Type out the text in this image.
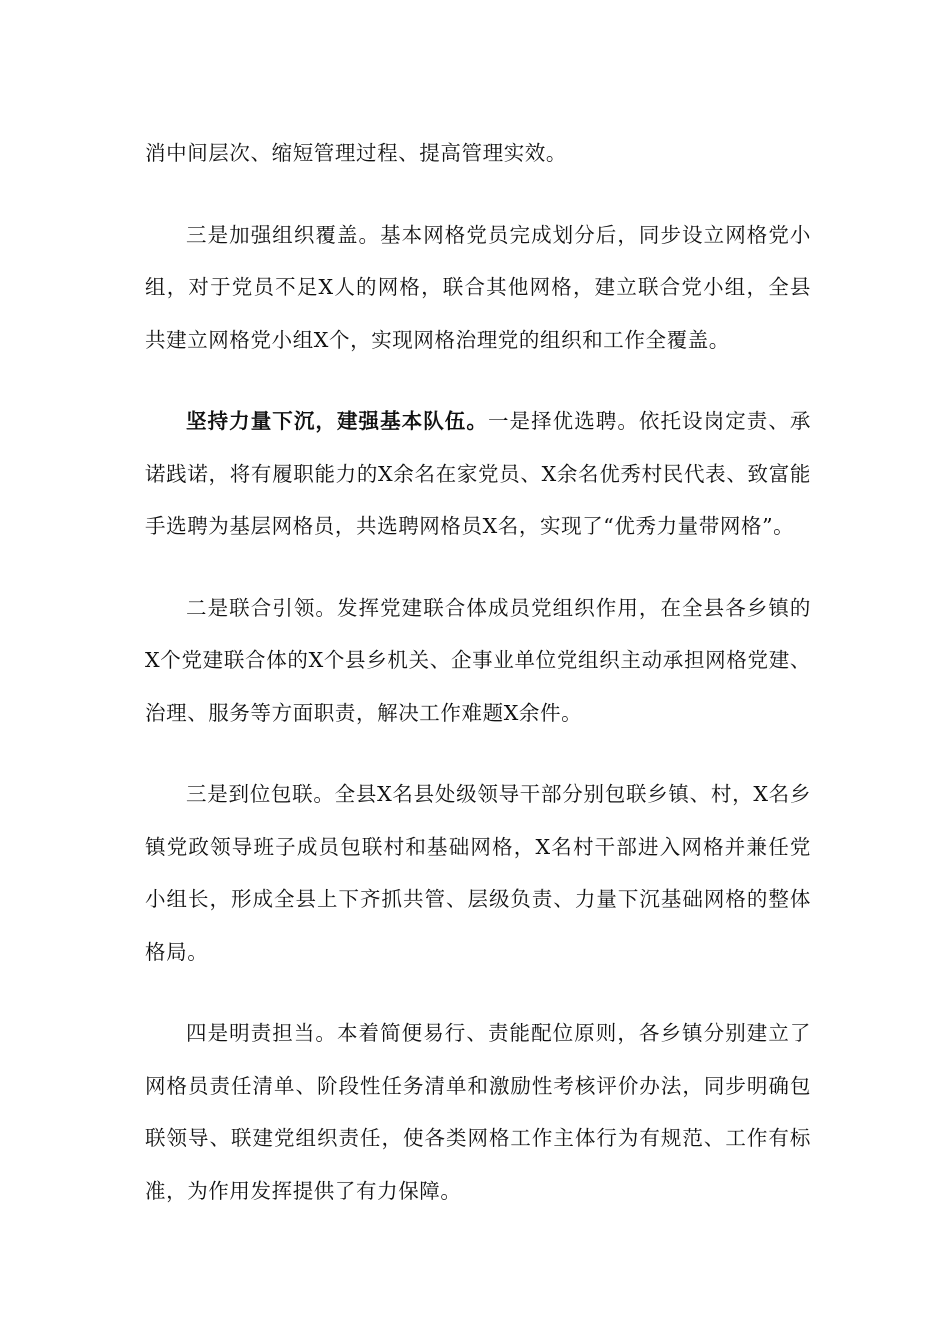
消中间层次、缩短管理过程、提高管理实效。

三是加强组织覆盖。基本网格党员完成划分后，同步设立网格党小组，对于党员不足X人的网格，联合其他网格，建立联合党小组，全县共建立网格党小组X个，实现网格治理党的组织和工作全覆盖。

坚持力量下沉，建强基本队伍。一是择优选聘。依托设岗定责、承诺践诺，将有履职能力的X余名在家党员、X余名优秀村民代表、致富能手选聘为基层网格员，共选聘网格员X名，实现了“优秀力量带网格”。

二是联合引领。发挥党建联合体成员党组织作用，在全县各乡镇的X个党建联合体的X个县乡机关、企事业单位党组织主动承担网格党建、治理、服务等方面职责，解决工作难题X余件。

三是到位包联。全县X名县处级领导干部分别包联乡镇、村，X名乡镇党政领导班子成员包联村和基础网格，X名村干部进入网格并兼任党小组长，形成全县上下齐抓共管、层级负责、力量下沉基础网格的整体格局。

四是明责担当。本着简便易行、责能配位原则，各乡镇分别建立了网格员责任清单、阶段性任务清单和激励性考核评价办法，同步明确包联领导、联建党组织责任，使各类网格工作主体行为有规范、工作有标准，为作用发挥提供了有力保障。
